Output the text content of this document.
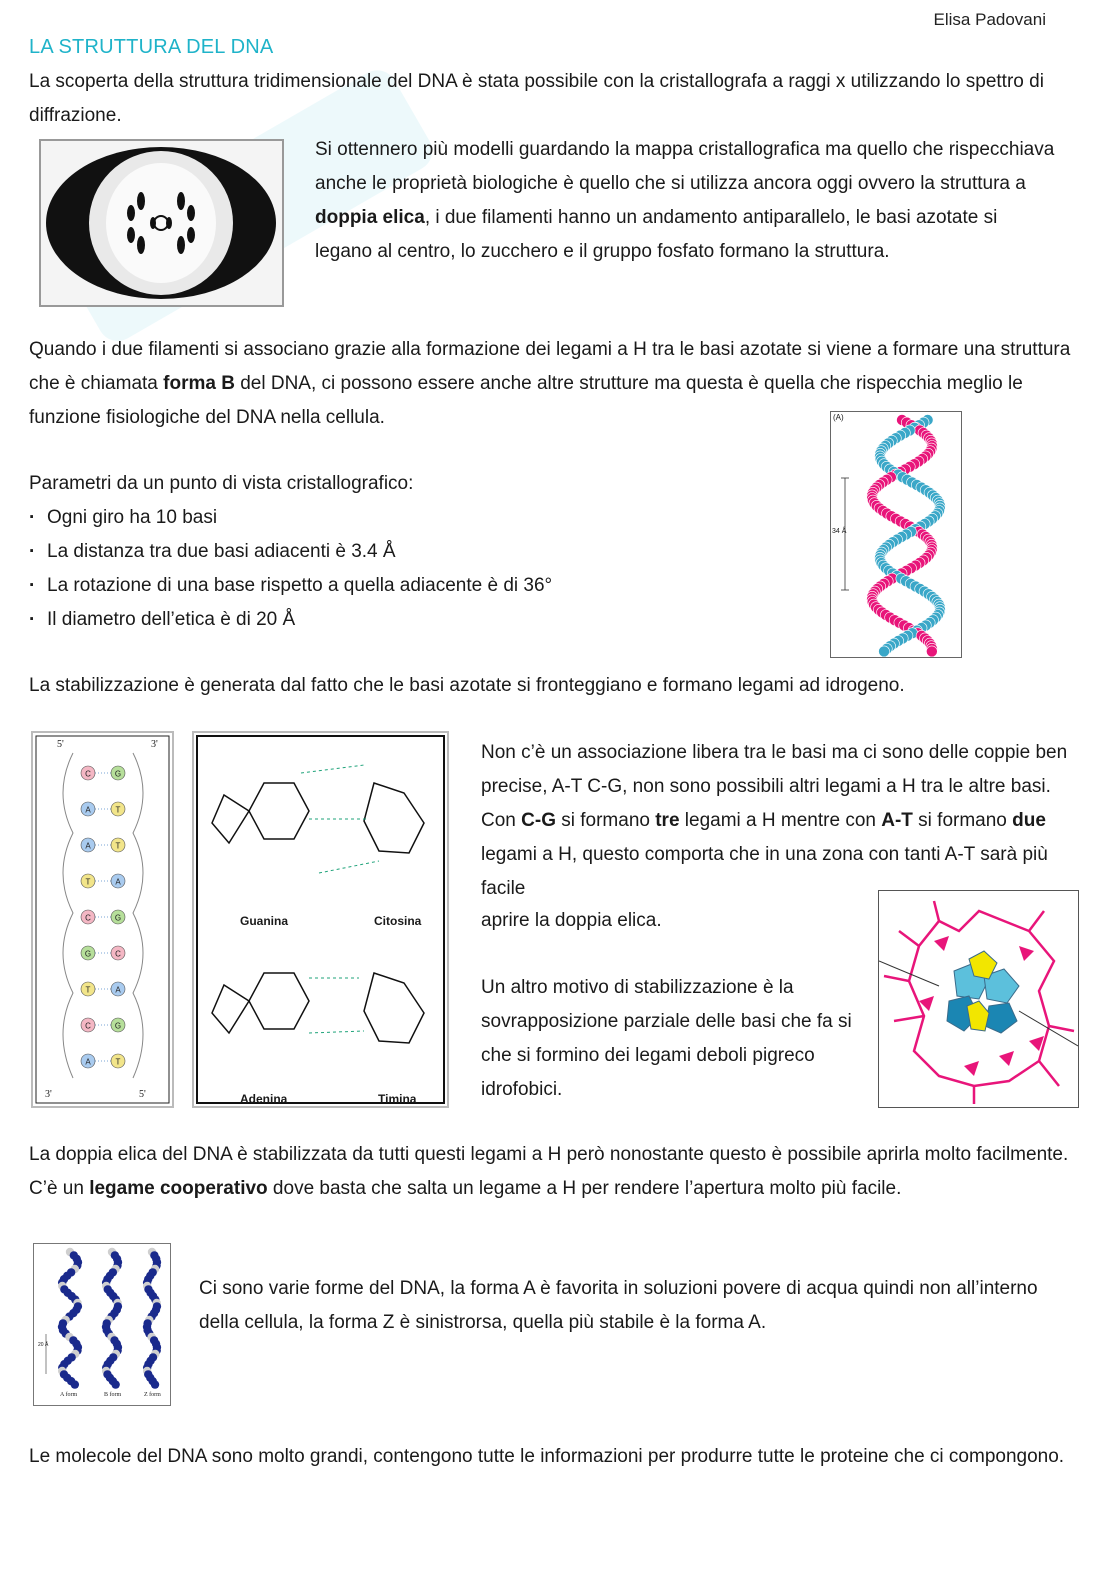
Elisa Padovani
LA STRUTTURA DEL DNA

La scoperta della struttura tridimensionale del DNA è stata possibile con la cristallografa a raggi x utilizzando lo spettro di diffrazione.

Si ottennero più modelli guardando la mappa cristallografica ma quello che rispecchiava anche le proprietà biologiche è quello che si utilizza ancora oggi ovvero la struttura a doppia elica, i due filamenti hanno un andamento antiparallelo, le basi azotate si legano al centro, lo zucchero e il gruppo fosfato formano la struttura.

Quando i due filamenti si associano grazie alla formazione dei legami a H tra le basi azotate si viene a formare una struttura che è chiamata forma B del DNA, ci possono essere anche altre strutture ma questa è quella che rispecchia meglio le funzione fisiologiche del DNA nella cellula.	(A)
34 Å

Parametri da un punto di vista cristallografico:

· Ogni giro ha 10 basi
· La distanza tra due basi adiacenti è 3.4 Å
· La rotazione di una base rispetto a quella adiacente è di 36°
· Il diametro dell’etica è di 20 Å

La stabilizzazione è generata dal fatto che le basi azotate si fronteggiano e formano legami ad idrogeno.

C	G
A	T
A	T
T	A
C	G
G	C
T	A
C	G
A	T
5'	3'
3'	5'
Guanina	Citosina
Adenina	Timina

Non c’è un associazione libera tra le basi ma ci sono delle coppie ben precise, A-T C-G, non sono possibili altri legami a H tra le altre basi. Con C-G si formano tre legami a H mentre con A-T si formano due legami a H, questo comporta che in una zona con tanti A-T sarà più facile

aprire la doppia elica.

Un altro motivo di stabilizzazione è la sovrapposizione parziale delle basi che fa si che si formino dei legami deboli pigreco idrofobici.

La doppia elica del DNA è stabilizzata da tutti questi legami a H però nonostante questo è possibile aprirla molto facilmente. C’è un legame cooperativo dove basta che salta un legame a H per rendere l’apertura molto più facile.

20 Å
A form	B form	Z form

Ci sono varie forme del DNA, la forma A è favorita in soluzioni povere di acqua quindi non all’interno della cellula, la forma Z è sinistrorsa, quella più stabile è la forma A.

Le molecole del DNA sono molto grandi, contengono tutte le informazioni per produrre tutte le proteine che ci compongono.
